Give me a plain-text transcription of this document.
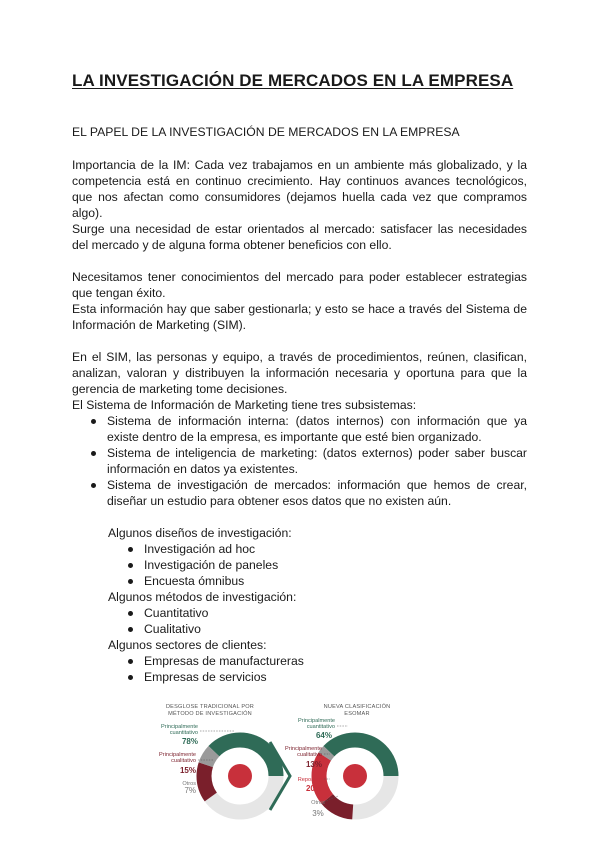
LA INVESTIGACIÓN DE MERCADOS EN LA EMPRESA
EL PAPEL DE LA INVESTIGACIÓN DE MERCADOS EN LA EMPRESA

Importancia de la IM: Cada vez trabajamos en un ambiente más globalizado, y la competencia está en continuo crecimiento. Hay continuos avances tecnológicos, que nos afectan como consumidores (dejamos huella cada vez que compramos algo).

Surge una necesidad de estar orientados al mercado: satisfacer las necesidades del mercado y de alguna forma obtener beneficios con ello.

Necesitamos tener conocimientos del mercado para poder establecer estrategias que tengan éxito.

Esta información hay que saber gestionarla; y esto se hace a través del Sistema de Información de Marketing (SIM).

En el SIM, las personas y equipo, a través de procedimientos, reúnen, clasifican, analizan, valoran y distribuyen la información necesaria y oportuna para que la gerencia de marketing tome decisiones.

El Sistema de Información de Marketing tiene tres subsistemas:

Sistema de información interna: (datos internos) con información que ya existe dentro de la empresa, es importante que esté bien organizado.
Sistema de inteligencia de marketing: (datos externos) poder saber buscar información en datos ya existentes.
Sistema de investigación de mercados: información que hemos de crear, diseñar un estudio para obtener esos datos que no existen aún.
Algunos diseños de investigación:
Investigación ad hoc
Investigación de paneles
Encuesta ómnibus
Algunos métodos de investigación:
Cuantitativo
Cualitativo
Algunos sectores de clientes:
Empresas de manufactureras
Empresas de servicios
DESGLOSE TRADICIONAL POR
MÉTODO DE INVESTIGACIÓN
NUEVA CLASIFICACIÓN
ESOMAR
Principalmente
cuantitativo
78%
Principalmente
cualitativo
15%
Otros
7%
Principalmente
cuantitativo
64%
Principalmente
cualitativo
13%
Reporting
20%
Otros
3%
